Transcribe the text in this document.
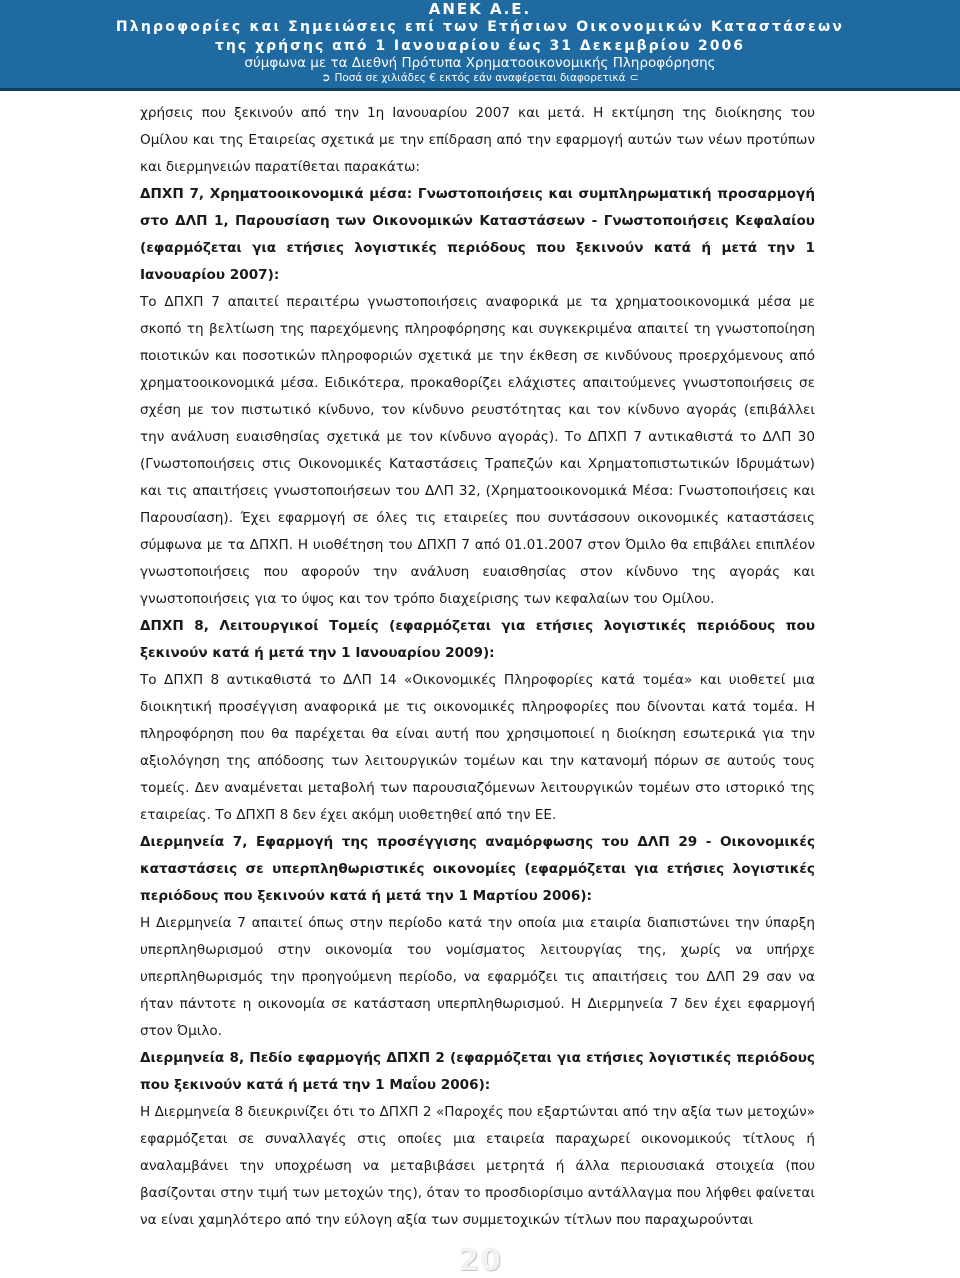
ΑΝΕΚ Α.Ε.
Πληροφορίες και Σημειώσεις επί των Ετήσιων Οικονομικών Καταστάσεων
της χρήσης από 1 Ιανουαρίου έως 31 Δεκεμβρίου 2006
σύμφωνα με τα Διεθνή Πρότυπα Χρηματοοικονομικής Πληροφόρησης
➲ Ποσά σε χιλιάδες € εκτός εάν αναφέρεται διαφορετικά ⊂

χρήσεις που ξεκινούν από την 1η Ιανουαρίου 2007 και μετά. Η εκτίμηση της διοίκησης του Ομίλου και της Εταιρείας σχετικά με την επίδραση από την εφαρμογή αυτών των νέων προτύπων και διερμηνειών παρατίθεται παρακάτω:

ΔΠΧΠ 7, Χρηματοοικονομικά μέσα: Γνωστοποιήσεις και συμπληρωματική προσαρμογή στο ΔΛΠ 1, Παρουσίαση των Οικονομικών Καταστάσεων - Γνωστοποιήσεις Κεφαλαίου (εφαρμόζεται για ετήσιες λογιστικές περιόδους που ξεκινούν κατά ή μετά την 1 Ιανουαρίου 2007):

Το ΔΠΧΠ 7 απαιτεί περαιτέρω γνωστοποιήσεις αναφορικά με τα χρηματοοικονομικά μέσα με σκοπό τη βελτίωση της παρεχόμενης πληροφόρησης και συγκεκριμένα απαιτεί τη γνωστοποίηση ποιοτικών και ποσοτικών πληροφοριών σχετικά με την έκθεση σε κινδύνους προερχόμενους από χρηματοοικονομικά μέσα. Ειδικότερα, προκαθορίζει ελάχιστες απαιτούμενες γνωστοποιήσεις σε σχέση με τον πιστωτικό κίνδυνο, τον κίνδυνο ρευστότητας και τον κίνδυνο αγοράς (επιβάλλει την ανάλυση ευαισθησίας σχετικά με τον κίνδυνο αγοράς). Το ΔΠΧΠ 7 αντικαθιστά το ΔΛΠ 30 (Γνωστοποιήσεις στις Οικονομικές Καταστάσεις Τραπεζών και Χρηματοπιστωτικών Ιδρυμάτων) και τις απαιτήσεις γνωστοποιήσεων του ΔΛΠ 32, (Χρηματοοικονομικά Μέσα: Γνωστοποιήσεις και Παρουσίαση). Έχει εφαρμογή σε όλες τις εταιρείες που συντάσσουν οικονομικές καταστάσεις σύμφωνα με τα ΔΠΧΠ. Η υιοθέτηση του ΔΠΧΠ 7 από 01.01.2007 στον Όμιλο θα επιβάλει επιπλέον γνωστοποιήσεις που αφορούν την ανάλυση ευαισθησίας στον κίνδυνο της αγοράς και γνωστοποιήσεις για το ύψος και τον τρόπο διαχείρισης των κεφαλαίων του Ομίλου.

ΔΠΧΠ 8, Λειτουργικοί Τομείς (εφαρμόζεται για ετήσιες λογιστικές περιόδους που ξεκινούν κατά ή μετά την 1 Ιανουαρίου 2009):

Το ΔΠΧΠ 8 αντικαθιστά το ΔΛΠ 14 «Οικονομικές Πληροφορίες κατά τομέα» και υιοθετεί μια διοικητική προσέγγιση αναφορικά με τις οικονομικές πληροφορίες που δίνονται κατά τομέα. Η πληροφόρηση που θα παρέχεται θα είναι αυτή που χρησιμοποιεί η διοίκηση εσωτερικά για την αξιολόγηση της απόδοσης των λειτουργικών τομέων και την κατανομή πόρων σε αυτούς τους τομείς. Δεν αναμένεται μεταβολή των παρουσιαζόμενων λειτουργικών τομέων στο ιστορικό της εταιρείας. Το ΔΠΧΠ 8 δεν έχει ακόμη υιοθετηθεί από την ΕΕ.

Διερμηνεία 7, Εφαρμογή της προσέγγισης αναμόρφωσης του ΔΛΠ 29 - Οικονομικές καταστάσεις σε υπερπληθωριστικές οικονομίες (εφαρμόζεται για ετήσιες λογιστικές περιόδους που ξεκινούν κατά ή μετά την 1 Μαρτίου 2006):

Η Διερμηνεία 7 απαιτεί όπως στην περίοδο κατά την οποία μια εταιρία διαπιστώνει την ύπαρξη υπερπληθωρισμού στην οικονομία του νομίσματος λειτουργίας της, χωρίς να υπήρχε υπερπληθωρισμός την προηγούμενη περίοδο, να εφαρμόζει τις απαιτήσεις του ΔΛΠ 29 σαν να ήταν πάντοτε η οικονομία σε κατάσταση υπερπληθωρισμού. Η Διερμηνεία 7 δεν έχει εφαρμογή στον Όμιλο.

Διερμηνεία 8, Πεδίο εφαρμογής ΔΠΧΠ 2 (εφαρμόζεται για ετήσιες λογιστικές περιόδους που ξεκινούν κατά ή μετά την 1 Μαΐου 2006):

Η Διερμηνεία 8 διευκρινίζει ότι το ΔΠΧΠ 2 «Παροχές που εξαρτώνται από την αξία των μετοχών» εφαρμόζεται σε συναλλαγές στις οποίες μια εταιρεία παραχωρεί οικονομικούς τίτλους ή αναλαμβάνει την υποχρέωση να μεταβιβάσει μετρητά ή άλλα περιουσιακά στοιχεία (που βασίζονται στην τιμή των μετοχών της), όταν το προσδιορίσιμο αντάλλαγμα που λήφθει φαίνεται να είναι χαμηλότερο από την εύλογη αξία των συμμετοχικών τίτλων που παραχωρούνται

20
